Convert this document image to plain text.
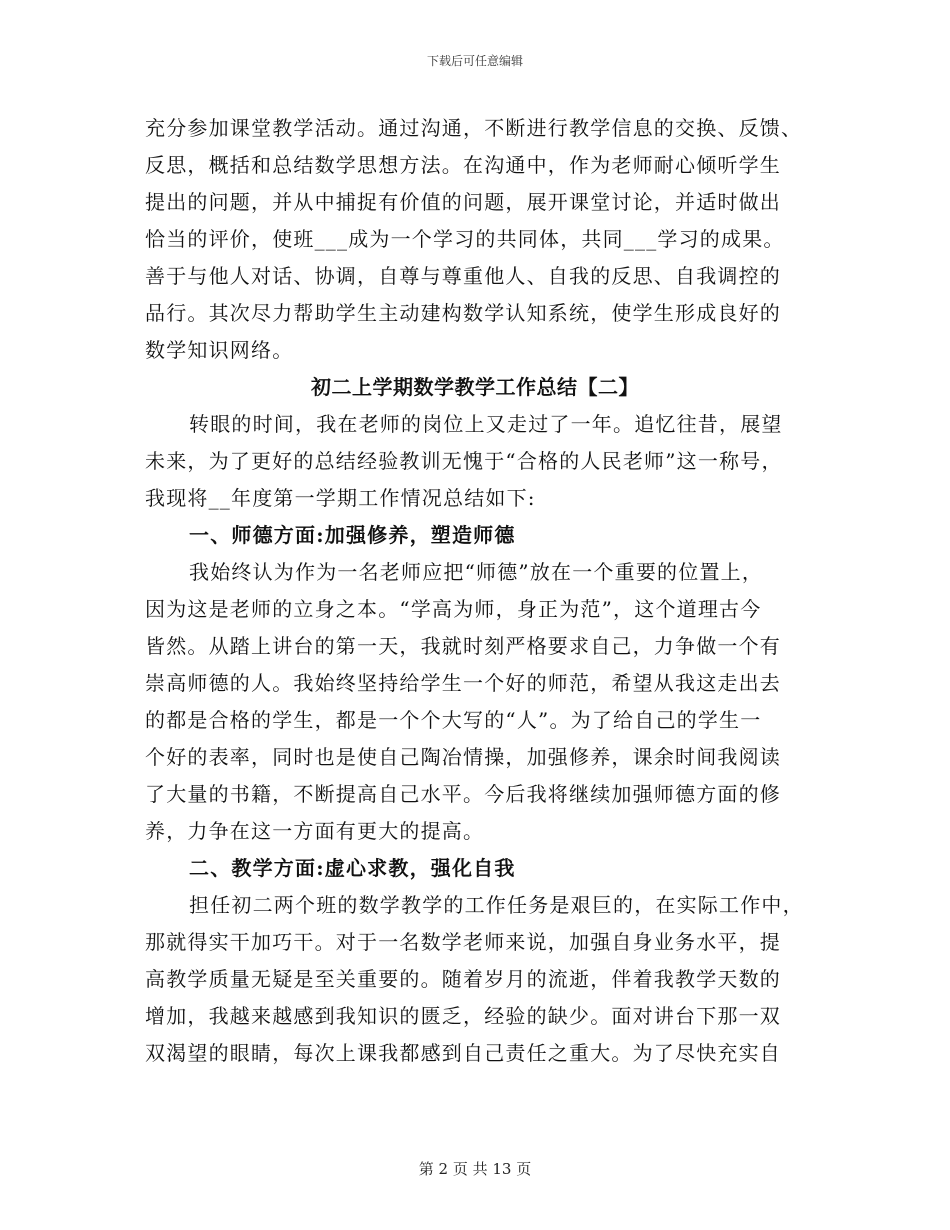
下载后可任意编辑
充分参加课堂教学活动。通过沟通，不断进行教学信息的交换、反馈、
反思，概括和总结数学思想方法。在沟通中，作为老师耐心倾听学生
提出的问题，并从中捕捉有价值的问题，展开课堂讨论，并适时做出
恰当的评价，使班___成为一个学习的共同体，共同___学习的成果。
善于与他人对话、协调，自尊与尊重他人、自我的反思、自我调控的
品行。其次尽力帮助学生主动建构数学认知系统，使学生形成良好的
数学知识网络。
初二上学期数学教学工作总结【二】
转眼的时间，我在老师的岗位上又走过了一年。追忆往昔，展望
未来，为了更好的总结经验教训无愧于“合格的人民老师”这一称号，
我现将__年度第一学期工作情况总结如下:
一、师德方面:加强修养，塑造师德
我始终认为作为一名老师应把“师德”放在一个重要的位置上，
因为这是老师的立身之本。“学高为师，身正为范”，这个道理古今
皆然。从踏上讲台的第一天，我就时刻严格要求自己，力争做一个有
崇高师德的人。我始终坚持给学生一个好的师范，希望从我这走出去
的都是合格的学生，都是一个个大写的“人”。为了给自己的学生一
个好的表率，同时也是使自己陶冶情操，加强修养，课余时间我阅读
了大量的书籍，不断提高自己水平。今后我将继续加强师德方面的修
养，力争在这一方面有更大的提高。
二、教学方面:虚心求教，强化自我
担任初二两个班的数学教学的工作任务是艰巨的，在实际工作中，
那就得实干加巧干。对于一名数学老师来说，加强自身业务水平，提
高教学质量无疑是至关重要的。随着岁月的流逝，伴着我教学天数的
增加，我越来越感到我知识的匮乏，经验的缺少。面对讲台下那一双
双渴望的眼睛，每次上课我都感到自己责任之重大。为了尽快充实自
第 2 页 共 13 页
